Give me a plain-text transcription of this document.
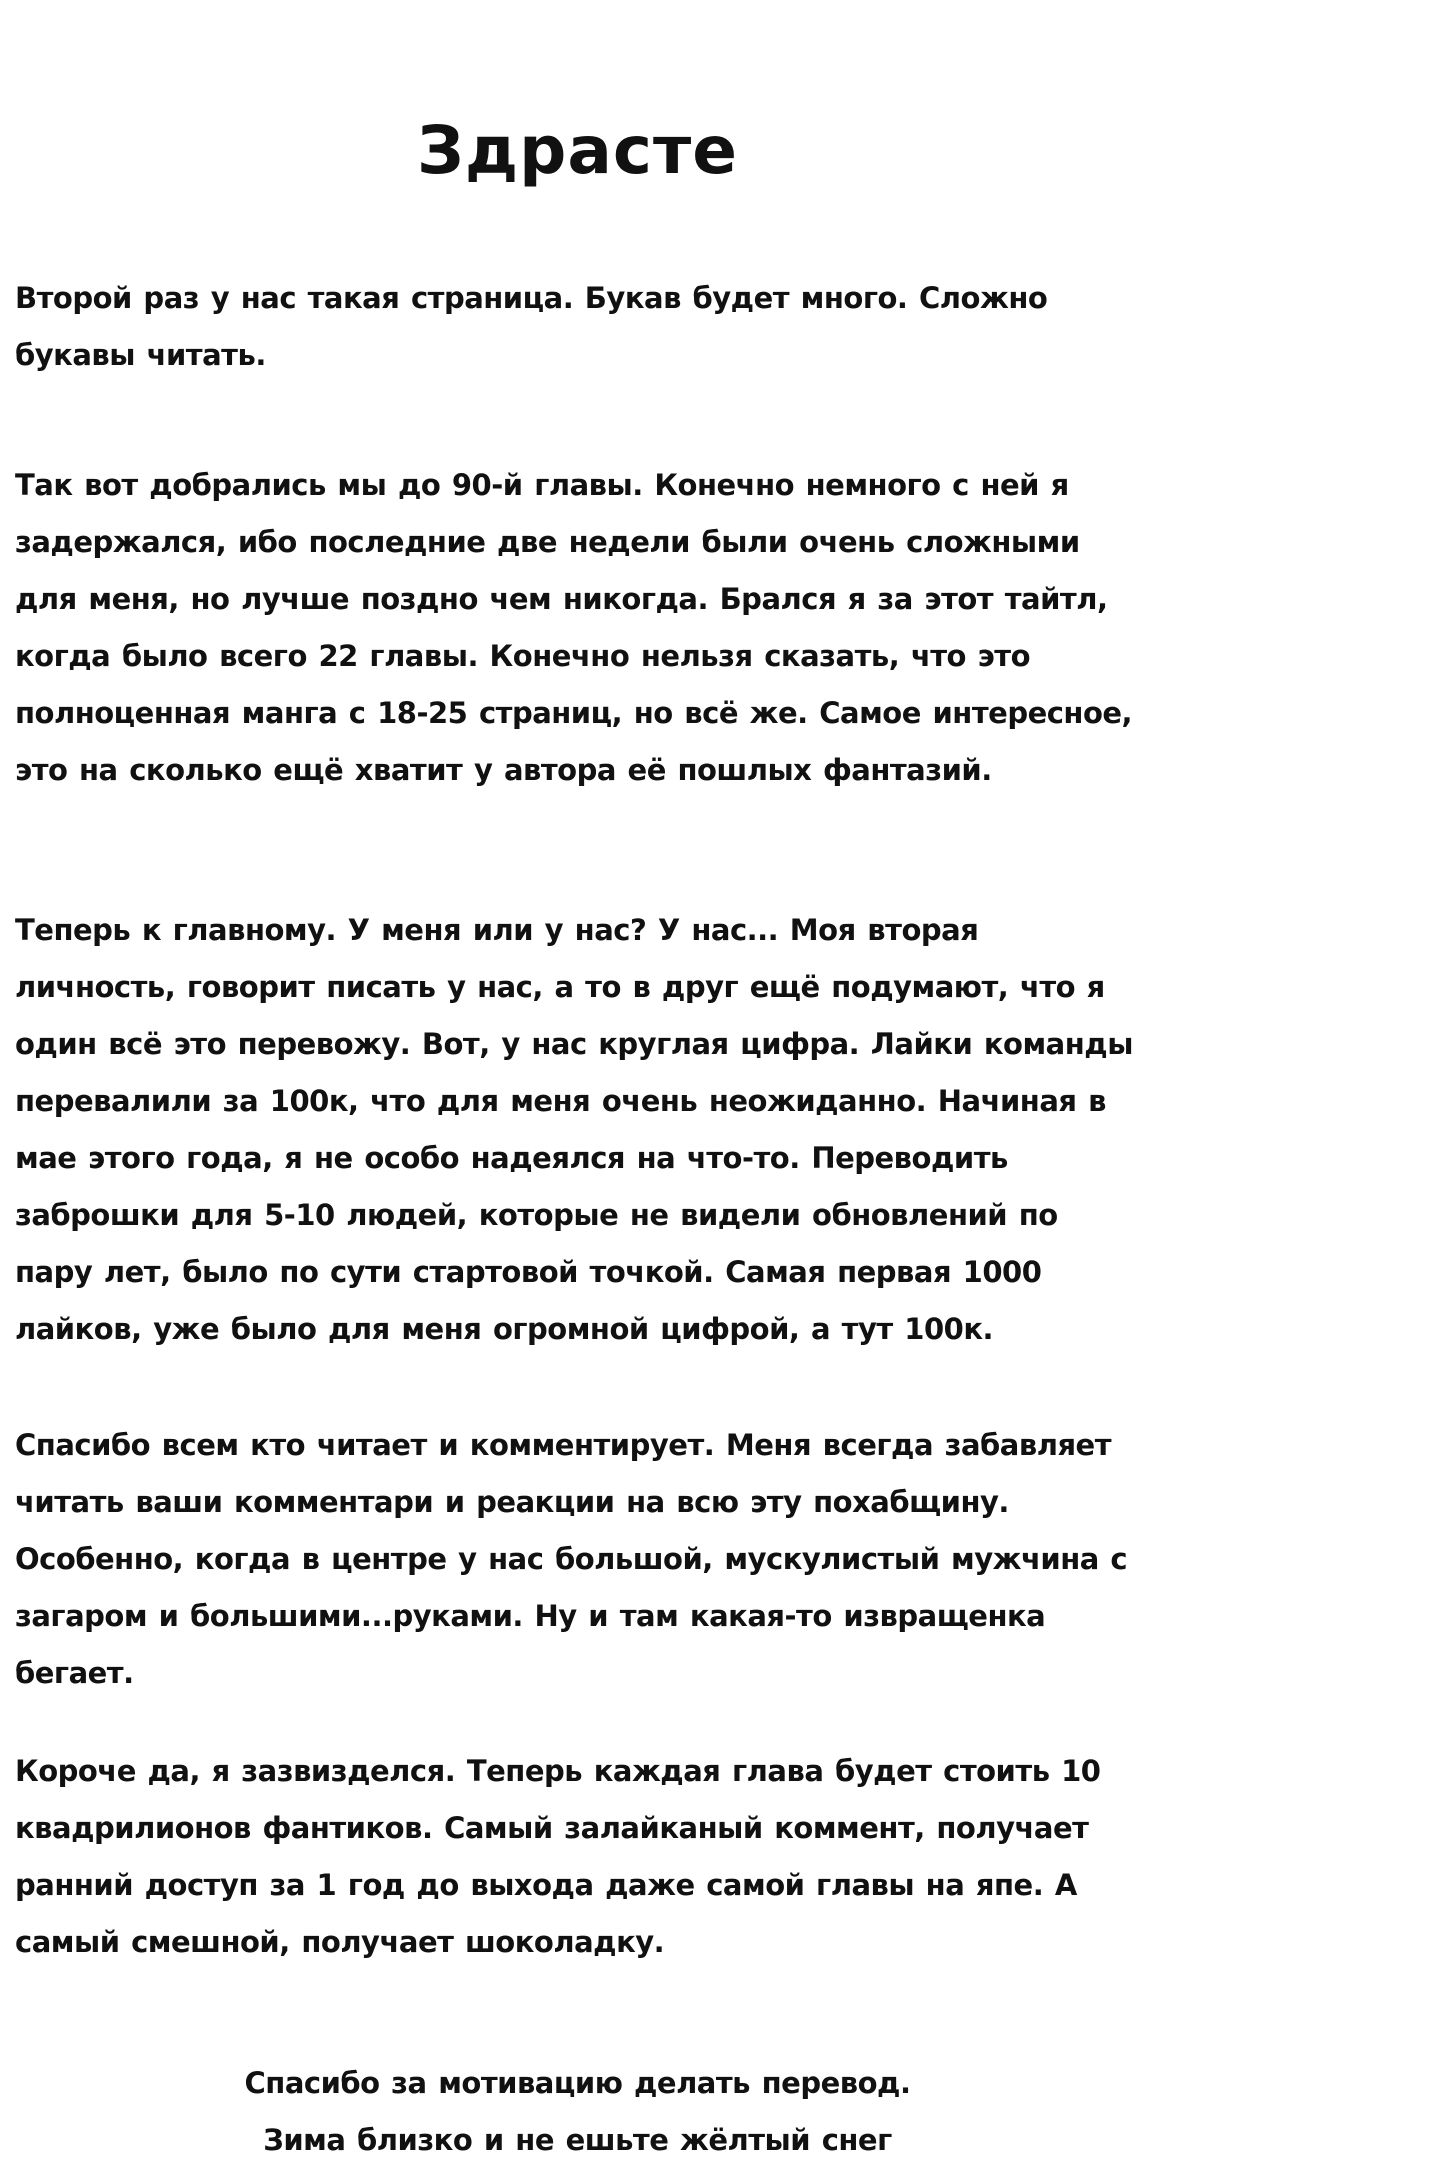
Здрасте

Второй раз у нас такая страница. Букав будет много. Сложно букавы читать.

Так вот добрались мы до 90-й главы. Конечно немного с ней я задержался, ибо последние две недели были очень сложными для меня, но лучше поздно чем никогда. Брался я за этот тайтл, когда было всего 22 главы. Конечно нельзя сказать, что это полноценная манга с 18-25 страниц, но всё же. Самое интересное, это на сколько ещё хватит у автора её пошлых фантазий.

Теперь к главному. У меня или у нас? У нас... Моя вторая личность, говорит писать у нас, а то в друг ещё подумают, что я один всё это перевожу. Вот, у нас круглая цифра. Лайки команды перевалили за 100к, что для меня очень неожиданно. Начиная в мае этого года, я не особо надеялся на что-то. Переводить заброшки для 5-10 людей, которые не видели обновлений по пару лет, было по сути стартовой точкой. Самая первая 1000 лайков, уже было для меня огромной цифрой, а тут 100к.

Спасибо всем кто читает и комментирует. Меня всегда забавляет читать ваши комментари и реакции на всю эту похабщину. Особенно, когда в центре у нас большой, мускулистый мужчина с загаром и большими...руками. Ну и там какая-то извращенка бегает.

Короче да, я зазвизделся. Теперь каждая глава будет стоить 10 квадрилионов фантиков. Самый залайканый коммент, получает ранний доступ за 1 год до выхода даже самой главы на япе. А самый смешной, получает шоколадку.

Спасибо за мотивацию делать перевод.

Зима близко и не ешьте жёлтый снег
